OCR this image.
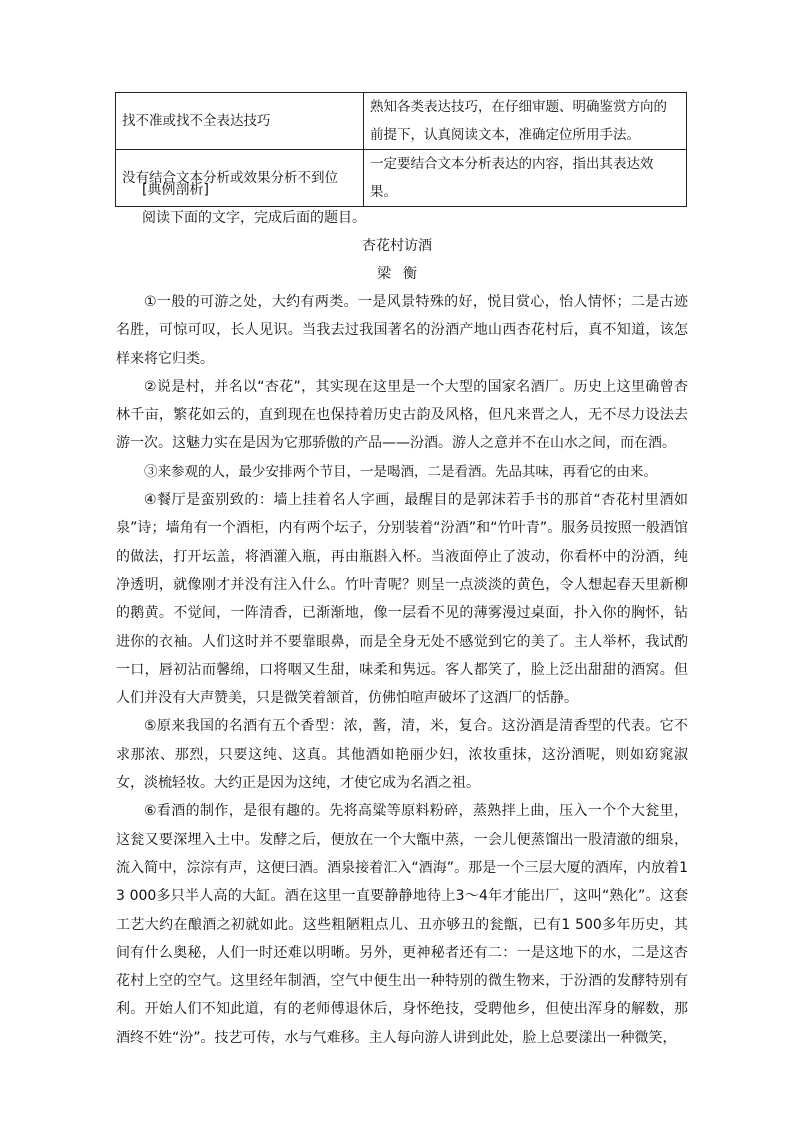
找不准或找不全表达技巧	熟知各类表达技巧，在仔细审题、明确鉴赏方向的前提下，认真阅读文本，准确定位所用手法。
没有结合文本分析或效果分析不到位	一定要结合文本分析表达的内容，指出其表达效果。
[典例剖析]
阅读下面的文字，完成后面的题目。
杏花村访酒
梁衡

①一般的可游之处，大约有两类。一是风景特殊的好，悦目赏心，怡人情怀；二是古迹名胜，可惊可叹，长人见识。当我去过我国著名的汾酒产地山西杏花村后，真不知道，该怎样来将它归类。

②说是村，并名以“杏花”，其实现在这里是一个大型的国家名酒厂。历史上这里确曾杏林千亩，繁花如云的，直到现在也保持着历史古韵及风格，但凡来晋之人，无不尽力设法去游一次。这魅力实在是因为它那骄傲的产品——汾酒。游人之意并不在山水之间，而在酒。

③来参观的人，最少安排两个节目，一是喝酒，二是看酒。先品其味，再看它的由来。

④餐厅是蛮别致的：墙上挂着名人字画，最醒目的是郭沫若手书的那首“杏花村里酒如泉”诗；墙角有一个酒柜，内有两个坛子，分别装着“汾酒”和“竹叶青”。服务员按照一般酒馆的做法，打开坛盖，将酒灌入瓶，再由瓶斟入杯。当液面停止了波动，你看杯中的汾酒，纯净透明，就像刚才并没有注入什么。竹叶青呢？则呈一点淡淡的黄色，令人想起春天里新柳的鹅黄。不觉间，一阵清香，已渐渐地，像一层看不见的薄雾漫过桌面，扑入你的胸怀，钻进你的衣袖。人们这时并不要靠眼鼻，而是全身无处不感觉到它的美了。主人举杯，我试酌一口，唇初沾而馨绵，口将咽又生甜，味柔和隽远。客人都笑了，脸上泛出甜甜的酒窝。但人们并没有大声赞美，只是微笑着颔首，仿佛怕喧声破坏了这酒厂的恬静。

⑤原来我国的名酒有五个香型：浓，酱，清，米，复合。这汾酒是清香型的代表。它不求那浓、那烈，只要这纯、这真。其他酒如艳丽少妇，浓妆重抹，这汾酒呢，则如窈窕淑女，淡梳轻妆。大约正是因为这纯，才使它成为名酒之祖。

⑥看酒的制作，是很有趣的。先将高粱等原料粉碎，蒸熟拌上曲，压入一个个大瓮里，这瓮又要深埋入土中。发酵之后，便放在一个大甑中蒸，一会儿便蒸馏出一股清澈的细泉，流入简中，淙淙有声，这便曰酒。酒泉接着汇入“酒海”。那是一个三层大厦的酒库，内放着13 000多只半人高的大缸。酒在这里一直要静静地待上3～4年才能出厂，这叫“熟化”。这套工艺大约在酿酒之初就如此。这些粗陋粗点儿、丑亦够丑的瓮甑，已有1 500多年历史，其间有什么奥秘，人们一时还难以明晰。另外，更神秘者还有二：一是这地下的水，二是这杏花村上空的空气。这里经年制酒，空气中便生出一种特别的微生物来，于汾酒的发酵特别有利。开始人们不知此道，有的老师傅退休后，身怀绝技，受聘他乡，但使出浑身的解数，那酒终不姓“汾”。技艺可传，水与气难移。主人每向游人讲到此处，脸上总要漾出一种微笑，
